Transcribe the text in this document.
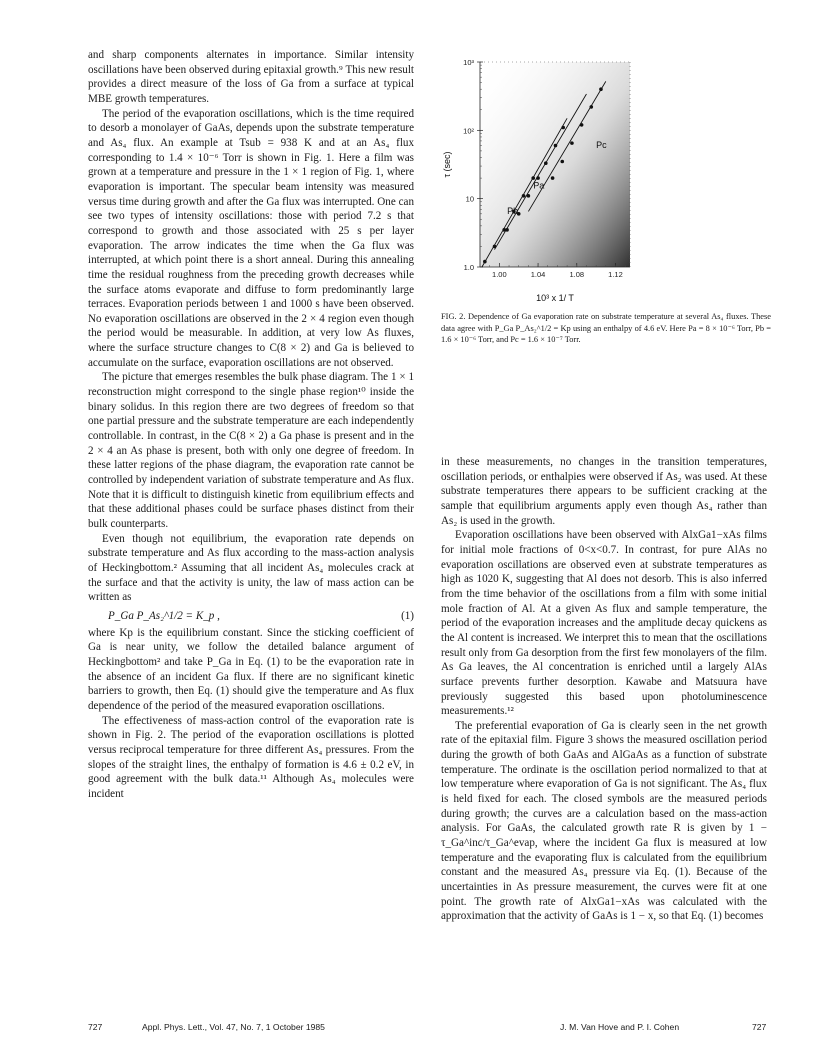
and sharp components alternates in importance. Similar intensity oscillations have been observed during epitaxial growth.⁹ This new result provides a direct measure of the loss of Ga from a surface at typical MBE growth temperatures.

The period of the evaporation oscillations, which is the time required to desorb a monolayer of GaAs, depends upon the substrate temperature and As₄ flux. An example at Tsub = 938 K and at an As₄ flux corresponding to 1.4 × 10⁻⁶ Torr is shown in Fig. 1. Here a film was grown at a temperature and pressure in the 1 × 1 region of Fig. 1, where evaporation is important. The specular beam intensity was measured versus time during growth and after the Ga flux was interrupted. One can see two types of intensity oscillations: those with period 7.2 s that correspond to growth and those associated with 25 s per layer evaporation. The arrow indicates the time when the Ga flux was interrupted, at which point there is a short anneal. During this annealing time the residual roughness from the preceding growth decreases while the surface atoms evaporate and diffuse to form predominantly large terraces. Evaporation periods between 1 and 1000 s have been observed. No evaporation oscillations are observed in the 2 × 4 region even though the period would be measurable. In addition, at very low As fluxes, where the surface structure changes to C(8 × 2) and Ga is believed to accumulate on the surface, evaporation oscillations are not observed.

The picture that emerges resembles the bulk phase diagram. The 1 × 1 reconstruction might correspond to the single phase region¹⁰ inside the binary solidus. In this region there are two degrees of freedom so that one partial pressure and the substrate temperature are each independently controllable. In contrast, in the C(8 × 2) a Ga phase is present and in the 2 × 4 an As phase is present, both with only one degree of freedom. In these latter regions of the phase diagram, the evaporation rate cannot be controlled by independent variation of substrate temperature and As flux. Note that it is difficult to distinguish kinetic from equilibrium effects and that these additional phases could be surface phases distinct from their bulk counterparts.

Even though not equilibrium, the evaporation rate depends on substrate temperature and As flux according to the mass-action analysis of Heckingbottom.² Assuming that all incident As₄ molecules crack at the surface and that the activity is unity, the law of mass action can be written as

P_Ga P_As₂^1/2 = K_p ,	(1)

where Kp is the equilibrium constant. Since the sticking coefficient of Ga is near unity, we follow the detailed balance argument of Heckingbottom² and take P_Ga in Eq. (1) to be the evaporation rate in the absence of an incident Ga flux. If there are no significant kinetic barriers to growth, then Eq. (1) should give the temperature and As flux dependence of the period of the measured evaporation oscillations.

The effectiveness of mass-action control of the evaporation rate is shown in Fig. 2. The period of the evaporation oscillations is plotted versus reciprocal temperature for three different As₄ pressures. From the slopes of the straight lines, the enthalpy of formation is 4.6 ± 0.2 eV, in good agreement with the bulk data.¹¹ Although As₄ molecules were incident

1.0
10
10²
10³
1.00	1.04	1.08	1.12
10³ x 1/ T
τ (sec)
Pa
Pb
Pc
FIG. 2. Dependence of Ga evaporation rate on substrate temperature at several As₄ fluxes. These data agree with P_Ga P_As₂^1/2 = Kp using an enthalpy of 4.6 eV. Here Pa = 8 × 10⁻⁶ Torr, Pb = 1.6 × 10⁻⁶ Torr, and Pc = 1.6 × 10⁻⁷ Torr.

in these measurements, no changes in the transition temperatures, oscillation periods, or enthalpies were observed if As₂ was used. At these substrate temperatures there appears to be sufficient cracking at the sample that equilibrium arguments apply even though As₄ rather than As₂ is used in the growth.

Evaporation oscillations have been observed with AlxGa1−xAs films for initial mole fractions of 0<x<0.7. In contrast, for pure AlAs no evaporation oscillations are observed even at substrate temperatures as high as 1020 K, suggesting that Al does not desorb. This is also inferred from the time behavior of the oscillations from a film with some initial mole fraction of Al. At a given As flux and sample temperature, the period of the evaporation increases and the amplitude decay quickens as the Al content is increased. We interpret this to mean that the oscillations result only from Ga desorption from the first few monolayers of the film. As Ga leaves, the Al concentration is enriched until a largely AlAs surface prevents further desorption. Kawabe and Matsuura have previously suggested this based upon photoluminescence measurements.¹²

The preferential evaporation of Ga is clearly seen in the net growth rate of the epitaxial film. Figure 3 shows the measured oscillation period during the growth of both GaAs and AlGaAs as a function of substrate temperature. The ordinate is the oscillation period normalized to that at low temperature where evaporation of Ga is not significant. The As₄ flux is held fixed for each. The closed symbols are the measured periods during growth; the curves are a calculation based on the mass-action analysis. For GaAs, the calculated growth rate R is given by 1 − τ_Ga^inc/τ_Ga^evap, where the incident Ga flux is measured at low temperature and the evaporating flux is calculated from the equilibrium constant and the measured As₄ pressure via Eq. (1). Because of the uncertainties in As pressure measurement, the curves were fit at one point. The growth rate of AlxGa1−xAs was calculated with the approximation that the activity of GaAs is 1 − x, so that Eq. (1) becomes

727	Appl. Phys. Lett., Vol. 47, No. 7, 1 October 1985	J. M. Van Hove and P. I. Cohen	727
